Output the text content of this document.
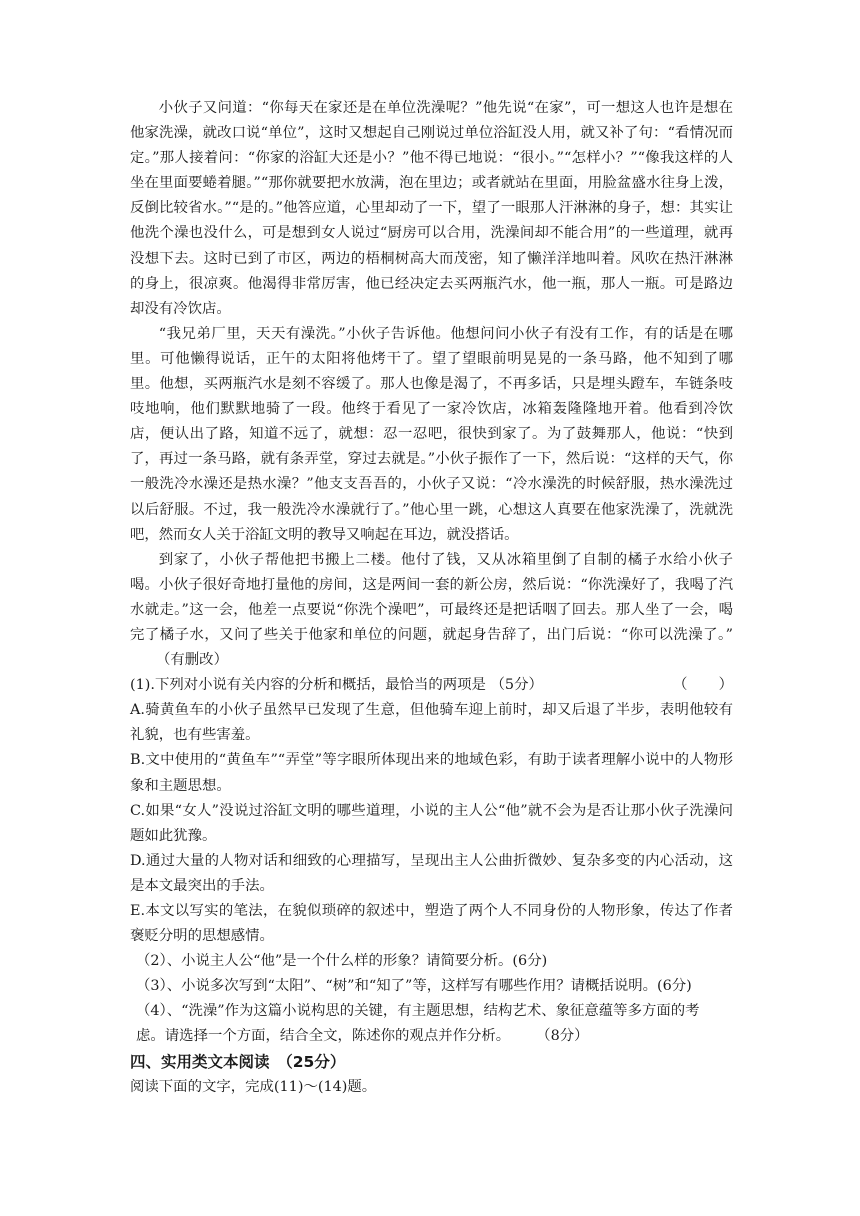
小伙子又问道：“你每天在家还是在单位洗澡呢？”他先说“在家”，可一想这人也许是想在他家洗澡，就改口说“单位”，这时又想起自己刚说过单位浴缸没人用，就又补了句：“看情况而定。”那人接着问：“你家的浴缸大还是小？”他不得已地说：“很小。”“怎样小？”“像我这样的人坐在里面要蜷着腿。”“那你就要把水放满，泡在里边；或者就站在里面，用脸盆盛水往身上泼，反倒比较省水。”“是的。”他答应道，心里却动了一下，望了一眼那人汗淋淋的身子，想：其实让他洗个澡也没什么，可是想到女人说过“厨房可以合用，洗澡间却不能合用”的一些道理，就再没想下去。这时已到了市区，两边的梧桐树高大而茂密，知了懒洋洋地叫着。风吹在热汗淋淋的身上，很凉爽。他渴得非常厉害，他已经决定去买两瓶汽水，他一瓶，那人一瓶。可是路边却没有冷饮店。

“我兄弟厂里，天天有澡洗。”小伙子告诉他。他想问问小伙子有没有工作，有的话是在哪里。可他懒得说话，正午的太阳将他烤干了。望了望眼前明晃晃的一条马路，他不知到了哪里。他想，买两瓶汽水是刻不容缓了。那人也像是渴了，不再多话，只是埋头蹬车，车链条吱吱地响，他们默默地骑了一段。他终于看见了一家冷饮店，冰箱轰隆隆地开着。他看到冷饮店，便认出了路，知道不远了，就想：忍一忍吧，很快到家了。为了鼓舞那人，他说：“快到了，再过一条马路，就有条弄堂，穿过去就是。”小伙子振作了一下，然后说：“这样的天气，你一般洗冷水澡还是热水澡？”他支支吾吾的，小伙子又说：“冷水澡洗的时候舒服，热水澡洗过以后舒服。不过，我一般洗冷水澡就行了。”他心里一跳，心想这人真要在他家洗澡了，洗就洗吧，然而女人关于浴缸文明的教导又响起在耳边，就没搭话。

到家了，小伙子帮他把书搬上二楼。他付了钱，又从冰箱里倒了自制的橘子水给小伙子喝。小伙子很好奇地打量他的房间，这是两间一套的新公房，然后说：“你洗澡好了，我喝了汽水就走。”这一会，他差一点要说“你洗个澡吧”，可最终还是把话咽了回去。那人坐了一会，喝完了橘子水，又问了些关于他家和单位的问题，就起身告辞了，出门后说：“你可以洗澡了。”（有删改）

(1).下列对小说有关内容的分析和概括，最恰当的两项是 （5分）	（ ）

A.骑黄鱼车的小伙子虽然早已发现了生意，但他骑车迎上前时，却又后退了半步，表明他较有礼貌，也有些害羞。

B.文中使用的“黄鱼车”“弄堂”等字眼所体现出来的地域色彩，有助于读者理解小说中的人物形象和主题思想。

C.如果“女人”没说过浴缸文明的哪些道理，小说的主人公“他”就不会为是否让那小伙子洗澡问题如此犹豫。

D.通过大量的人物对话和细致的心理描写，呈现出主人公曲折微妙、复杂多变的内心活动，这是本文最突出的手法。

E.本文以写实的笔法，在貌似琐碎的叙述中，塑造了两个人不同身份的人物形象，传达了作者褒贬分明的思想感情。

（2）、小说主人公“他”是一个什么样的形象？请简要分析。(6分)

（3）、小说多次写到“太阳”、“树”和“知了”等，这样写有哪些作用？请概括说明。(6分)

（4）、“洗澡”作为这篇小说构思的关键，有主题思想，结构艺术、象征意蕴等多方面的考
虑。请选择一个方面，结合全文，陈述你的观点并作分析。 （8分）

四、实用类文本阅读　（25分）

阅读下面的文字，完成(11)～(14)题。
